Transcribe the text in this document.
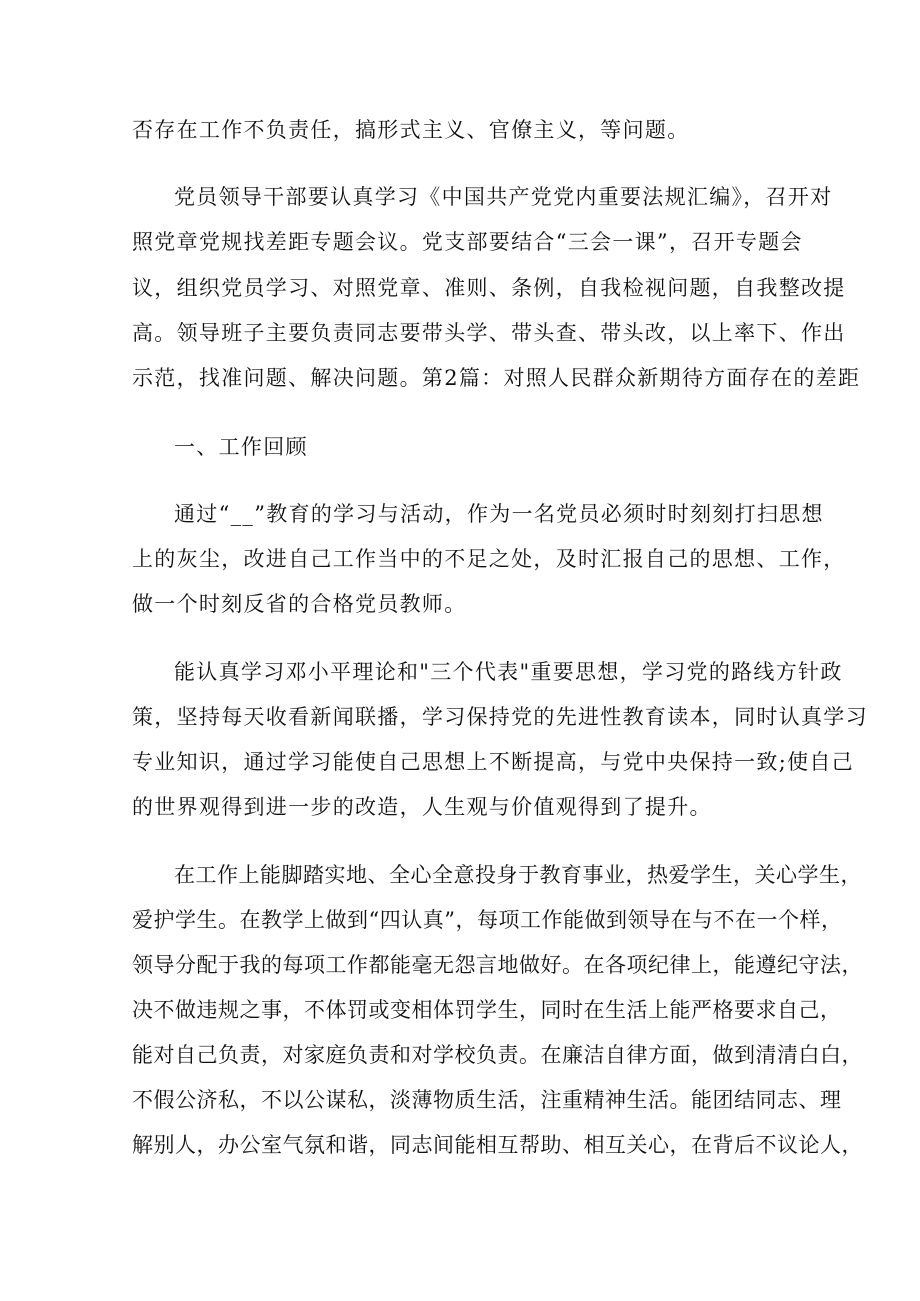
否存在工作不负责任，搞形式主义、官僚主义，等问题。
党员领导干部要认真学习《中国共产党党内重要法规汇编》，召开对
照党章党规找差距专题会议。党支部要结合“三会一课”，召开专题会
议，组织党员学习、对照党章、准则、条例，自我检视问题，自我整改提
高。领导班子主要负责同志要带头学、带头查、带头改，以上率下、作出
示范，找准问题、解决问题。第2篇：对照人民群众新期待方面存在的差距
一、工作回顾
通过“__”教育的学习与活动，作为一名党员必须时时刻刻打扫思想
上的灰尘，改进自己工作当中的不足之处，及时汇报自己的思想、工作，
做一个时刻反省的合格党员教师。
能认真学习邓小平理论和"三个代表"重要思想，学习党的路线方针政
策，坚持每天收看新闻联播，学习保持党的先进性教育读本，同时认真学习
专业知识，通过学习能使自己思想上不断提高，与党中央保持一致;使自己
的世界观得到进一步的改造，人生观与价值观得到了提升。
在工作上能脚踏实地、全心全意投身于教育事业，热爱学生，关心学生，
爱护学生。在教学上做到“四认真”，每项工作能做到领导在与不在一个样，
领导分配于我的每项工作都能毫无怨言地做好。在各项纪律上，能遵纪守法，
决不做违规之事，不体罚或变相体罚学生，同时在生活上能严格要求自己，
能对自己负责，对家庭负责和对学校负责。在廉洁自律方面，做到清清白白，
不假公济私，不以公谋私，淡薄物质生活，注重精神生活。能团结同志、理
解别人，办公室气氛和谐，同志间能相互帮助、相互关心，在背后不议论人，
